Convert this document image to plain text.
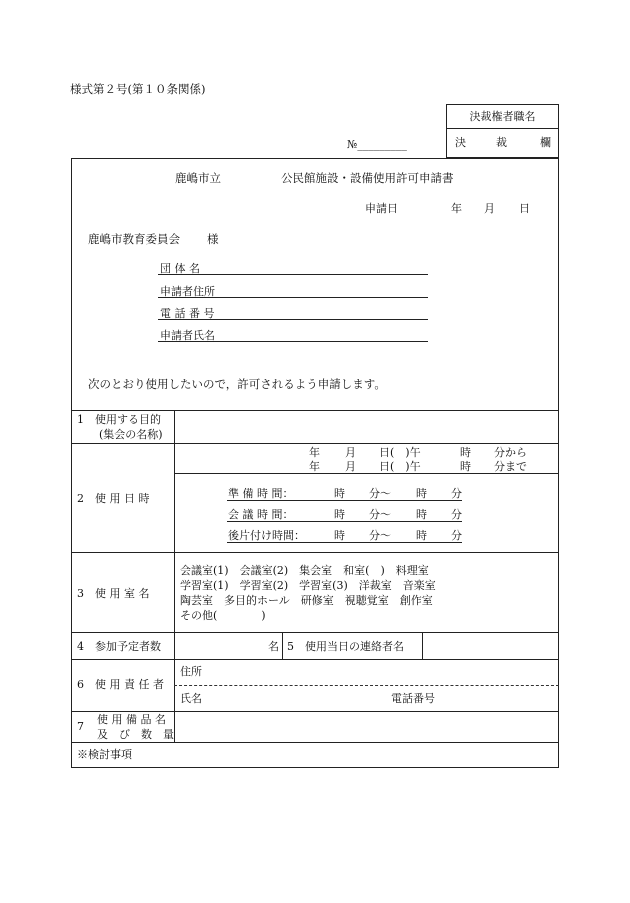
様式第２号(第１０条関係)
決裁権者職名
決	裁	欄
№_________
鹿嶋市立	公民館施設・設備使用許可申請書
申請日	年 月 日
鹿嶋市教育委員会 様
団 体 名
申請者住所
電 話 番 号
申請者氏名
次のとおり使用したいので，許可されるよう申請します。
1　使用する目的
(集会の名称)
2　使 用 日 時
年 月 日(　)午	時 分から
年 月 日(　)午	時 分まで
準 備 時 間：	時 分～ 時 分
会 議 時 間：	時 分～ 時 分
後片付け時間：	時 分～ 時 分
3　使 用 室 名
会議室(1)　会議室(2)　集会室　和室(　)　料理室
学習室(1)　学習室(2)　学習室(3)　洋裁室　音楽室
陶芸室　多目的ホール　研修室　視聴覚室　創作室
その他(　　　　)
4　参加予定者数	名 5　使用当日の連絡者名
6　使 用 責 任 者
住所
氏名	電話番号
7
使 用 備 品 名
及　び　数　量
※検討事項
